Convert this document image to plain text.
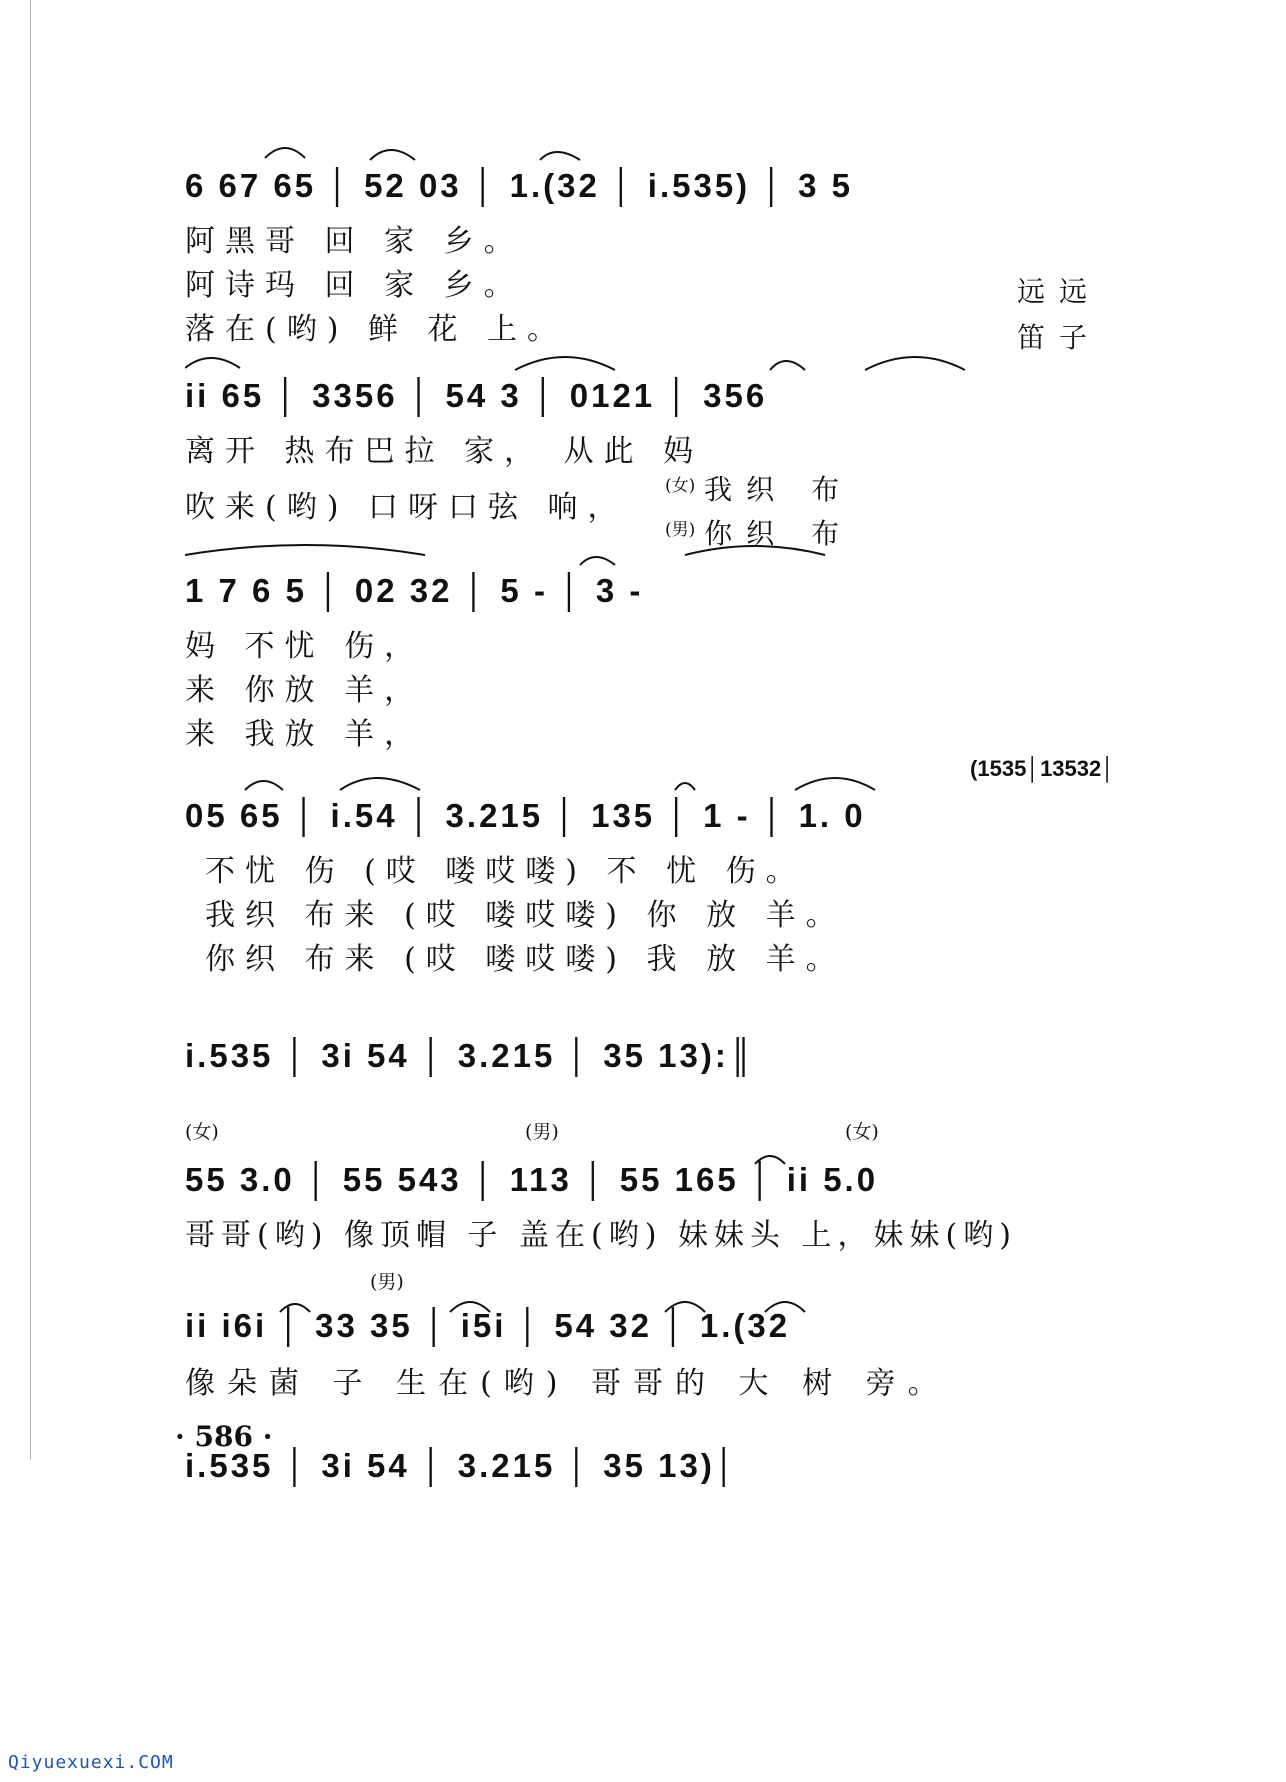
6 67 65 │ 52 03 │ 1.(32 │ i.535) │ 3 5
阿黑哥 回 家 乡。
阿诗玛 回 家 乡。
落在(哟) 鲜 花 上。
远远
笛子
ii 65 │ 3356 │ 54 3 │ 0121 │ 356
离开 热布巴拉 家， 从此 妈
吹来(哟) 口呀口弦 响，
$^{(女)}$ 我织 布
$^{(男)}$ 你织 布
1 7 6 5 │ 02 32 │ 5 - │ 3 -
妈 不忧 伤，
来 你放 羊，
来 我放 羊，
(1535│13532│
05 65 │ i.54 │ 3.215 │ 135 │ 1 - │ 1. 0
不忧 伤 (哎 喽哎喽) 不 忧 伤。
我织 布来 (哎 喽哎喽) 你 放 羊。
你织 布来 (哎 喽哎喽) 我 放 羊。
i.535 │ 3i 54 │ 3.215 │ 35 13):║
(女)	(男)	(女)
55 3.0 │ 55 543 │ 113 │ 55 165 │ ii 5.0
哥哥(哟) 像顶帽 子 盖在(哟) 妹妹头 上，妹妹(哟)
(男)
ii i6i │ 33 35 │ i5i │ 54 32 │ 1.(32
像朵菌 子 生在(哟) 哥哥的 大 树 旁。
i.535 │ 3i 54 │ 3.215 │ 35 13)│
· 586 ·
Qiyuexuexi.COM
